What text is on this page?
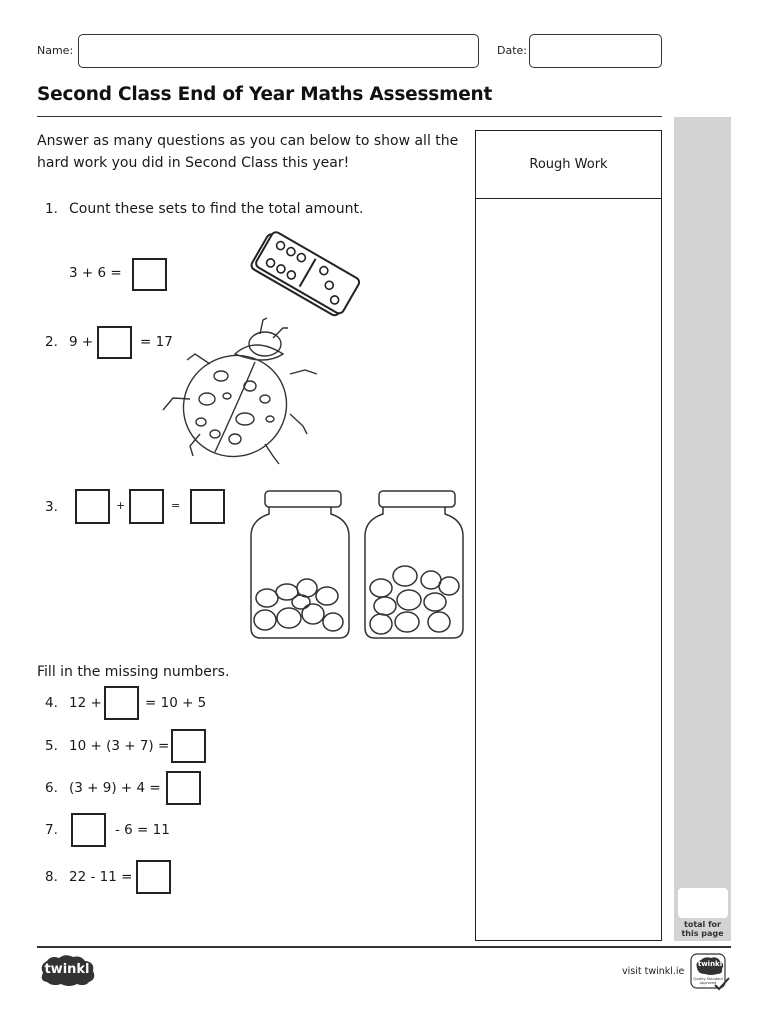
Name:	Date:
Second Class End of Year Maths Assessment
Answer as many questions as you can below to show all the hard work you did in Second Class this year!	Rough Work
total for
this page
1. Count these sets to find the total amount.
3 + 6 =
2. 9 +	= 17
3.	+	=
Fill in the missing numbers.
4. 12 +	= 10 + 5
5. 10 + (3 + 7) =
6. (3 + 9) + 4 =
7.	- 6 = 11
8. 22 - 11 =
twinkl	visit twinkl.ie
twinkl
Quality Standard Approved
